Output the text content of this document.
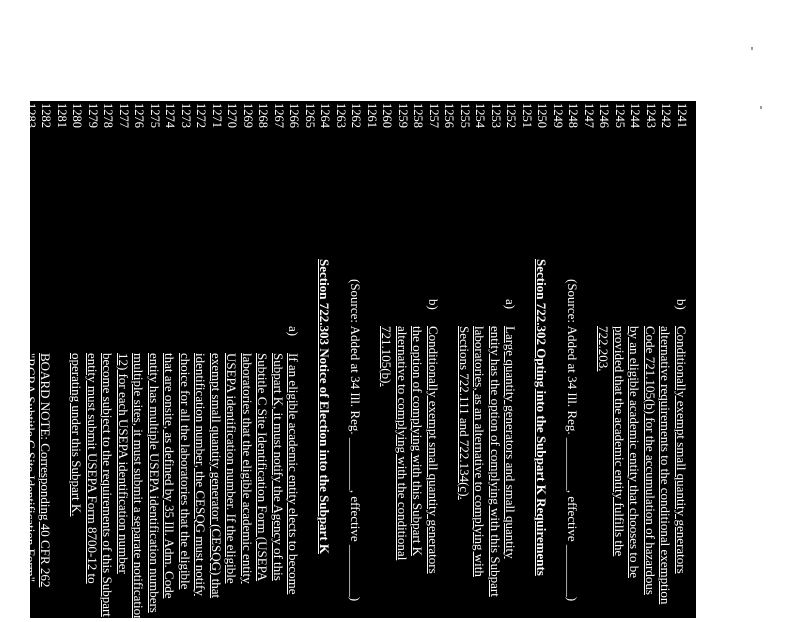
1241
b)
Conditionally exempt small quantity generators
1242
alternative requirements to the conditional exemption
1243
Code 721.105(b) for the accumulation of hazardous
1244
by an eligible academic entity that chooses to be
1245
provided that the academic entity fulfills the
1246
722.203.
1247
1248
(Source: Added at 34 Ill. Reg. ________, effective ________)
1249
1250
Section 722.302 Opting into the Subpart K Requirements
1251
1252
a)
Large quantity generators and small quantity
1253
entity has the option of complying with this Subpart
1254
laboratories, as an alternative to complying with
1255
Sections 722.111 and 722.134(c).
1256
1257
b)
Conditionally exempt small quantity generators
1258
the option of complying with this Subpart K
1259
alternative to complying with the conditional
1260
721.105(b).
1261
1262
(Source: Added at 34 Ill. Reg. ________, effective ________)
1263
1264
Section 722.303 Notice of Election into the Subpart K
1265
1266
a)
If an eligible academic entity elects to become
1267
Subpart K, it must notify the Agency of this
1268
Subtitle C Site Identification Form (USEPA
1269
laboratories that the eligible academic entity
1270
USEPA identification number. If the eligible
1271
exempt small quantity generator (CESQG) that
1272
identification number, the CESQG must notify
1273
choice for all the laboratories that the eligible
1274
that are onsite, as defined by 35 Ill. Adm. Code
1275
entity has multiple USEPA identification numbers
1276
multiple sites, it must submit a separate notification
1277
12) for each USEPA identification number
1278
become subject to the requirements of this Subpart
1279
entity must submit USEPA Form 8700-12 to
1280
operating under this Subpart K.
1281
1282
BOARD NOTE: Corresponding 40 CFR 262
1283
"RCRA Subtitle C Site Identification Form"
